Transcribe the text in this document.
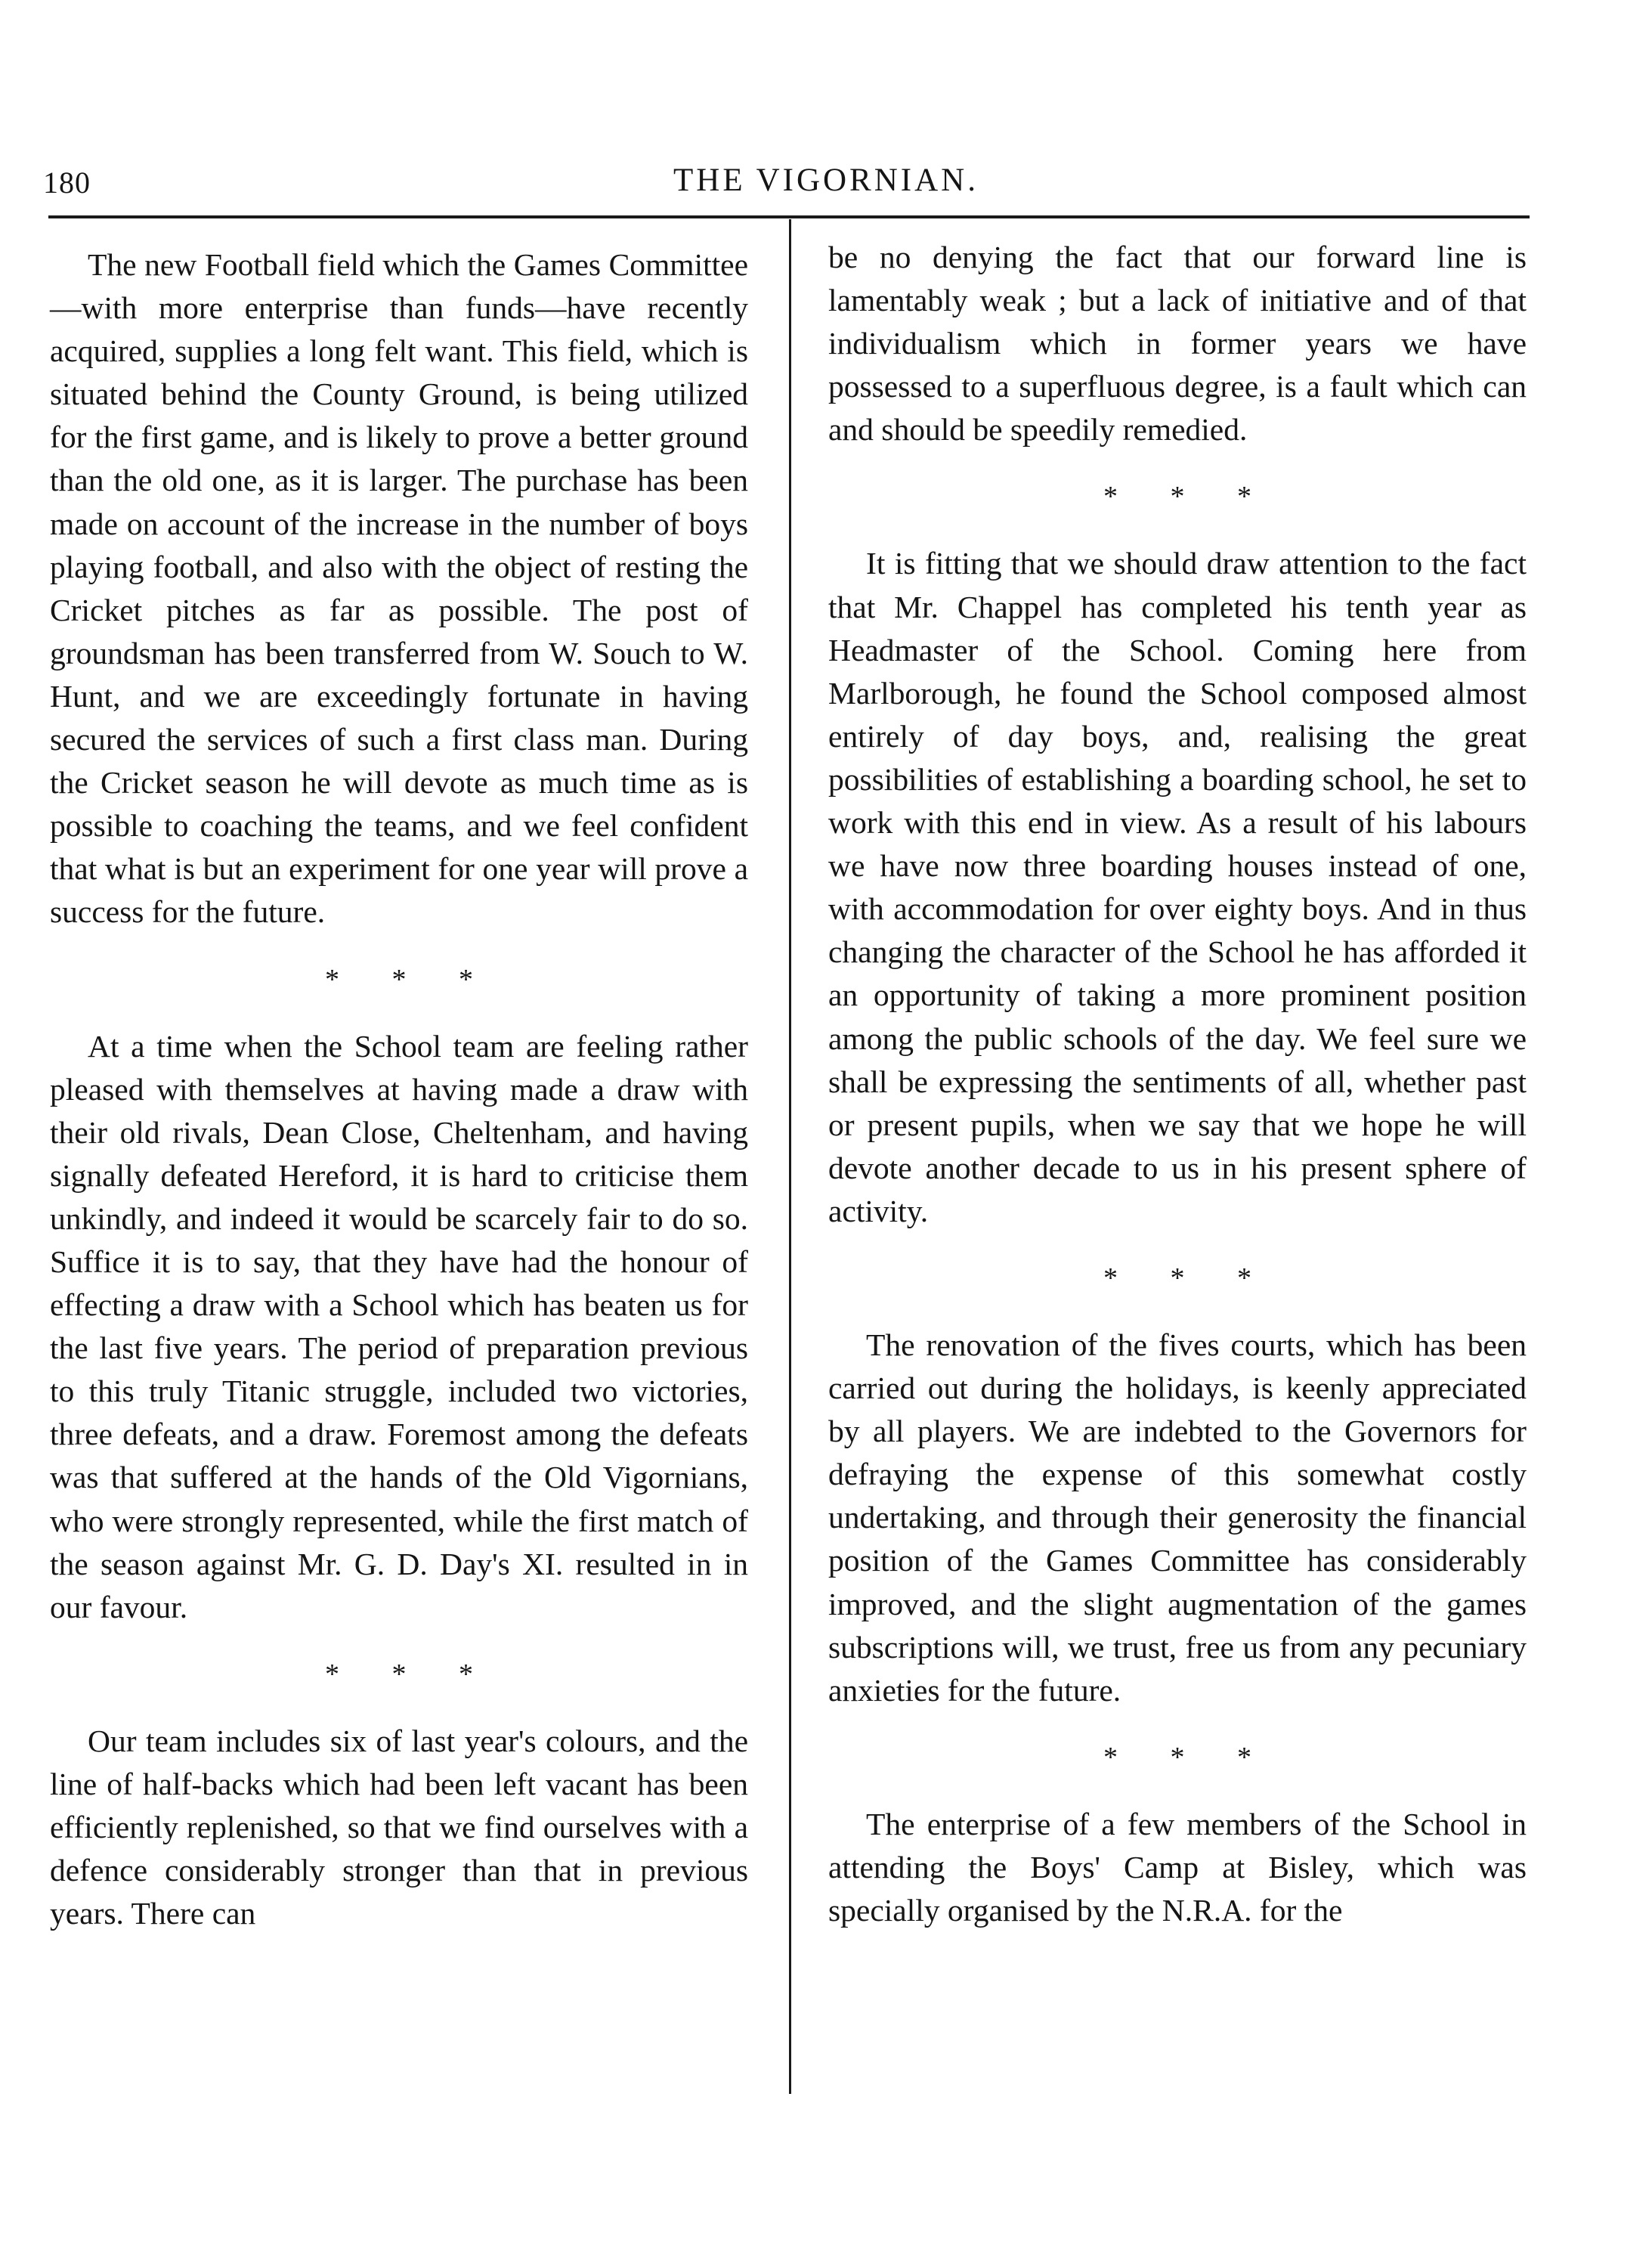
180	THE VIGORNIAN.

The new Football field which the Games Committee—with more enterprise than funds—have recently acquired, supplies a long felt want. This field, which is situated behind the County Ground, is being utilized for the first game, and is likely to prove a better ground than the old one, as it is larger. The purchase has been made on account of the increase in the number of boys playing football, and also with the object of resting the Cricket pitches as far as possible. The post of groundsman has been transferred from W. Souch to W. Hunt, and we are exceedingly fortunate in having secured the services of such a first class man. During the Cricket season he will devote as much time as is possible to coaching the teams, and we feel confident that what is but an experiment for one year will prove a success for the future.

* * *

At a time when the School team are feeling rather pleased with themselves at having made a draw with their old rivals, Dean Close, Cheltenham, and having signally defeated Hereford, it is hard to criticise them unkindly, and indeed it would be scarcely fair to do so. Suffice it is to say, that they have had the honour of effecting a draw with a School which has beaten us for the last five years. The period of preparation previous to this truly Titanic struggle, included two victories, three defeats, and a draw. Foremost among the defeats was that suffered at the hands of the Old Vigornians, who were strongly represented, while the first match of the season against Mr. G. D. Day's XI. resulted in in our favour.

* * *

Our team includes six of last year's colours, and the line of half-backs which had been left vacant has been efficiently replenished, so that we find ourselves with a defence considerably stronger than that in previous years. There can

be no denying the fact that our forward line is lamentably weak ; but a lack of initiative and of that individualism which in former years we have possessed to a superfluous degree, is a fault which can and should be speedily remedied.

* * *

It is fitting that we should draw attention to the fact that Mr. Chappel has completed his tenth year as Headmaster of the School. Coming here from Marlborough, he found the School composed almost entirely of day boys, and, realising the great possibilities of establishing a boarding school, he set to work with this end in view. As a result of his labours we have now three boarding houses instead of one, with accommodation for over eighty boys. And in thus changing the character of the School he has afforded it an opportunity of taking a more prominent position among the public schools of the day. We feel sure we shall be expressing the sentiments of all, whether past or present pupils, when we say that we hope he will devote another decade to us in his present sphere of activity.

* * *

The renovation of the fives courts, which has been carried out during the holidays, is keenly appreciated by all players. We are indebted to the Governors for defraying the expense of this somewhat costly undertaking, and through their generosity the financial position of the Games Committee has considerably improved, and the slight augmentation of the games subscriptions will, we trust, free us from any pecuniary anxieties for the future.

* * *

The enterprise of a few members of the School in attending the Boys' Camp at Bisley, which was specially organised by the N.R.A. for the
